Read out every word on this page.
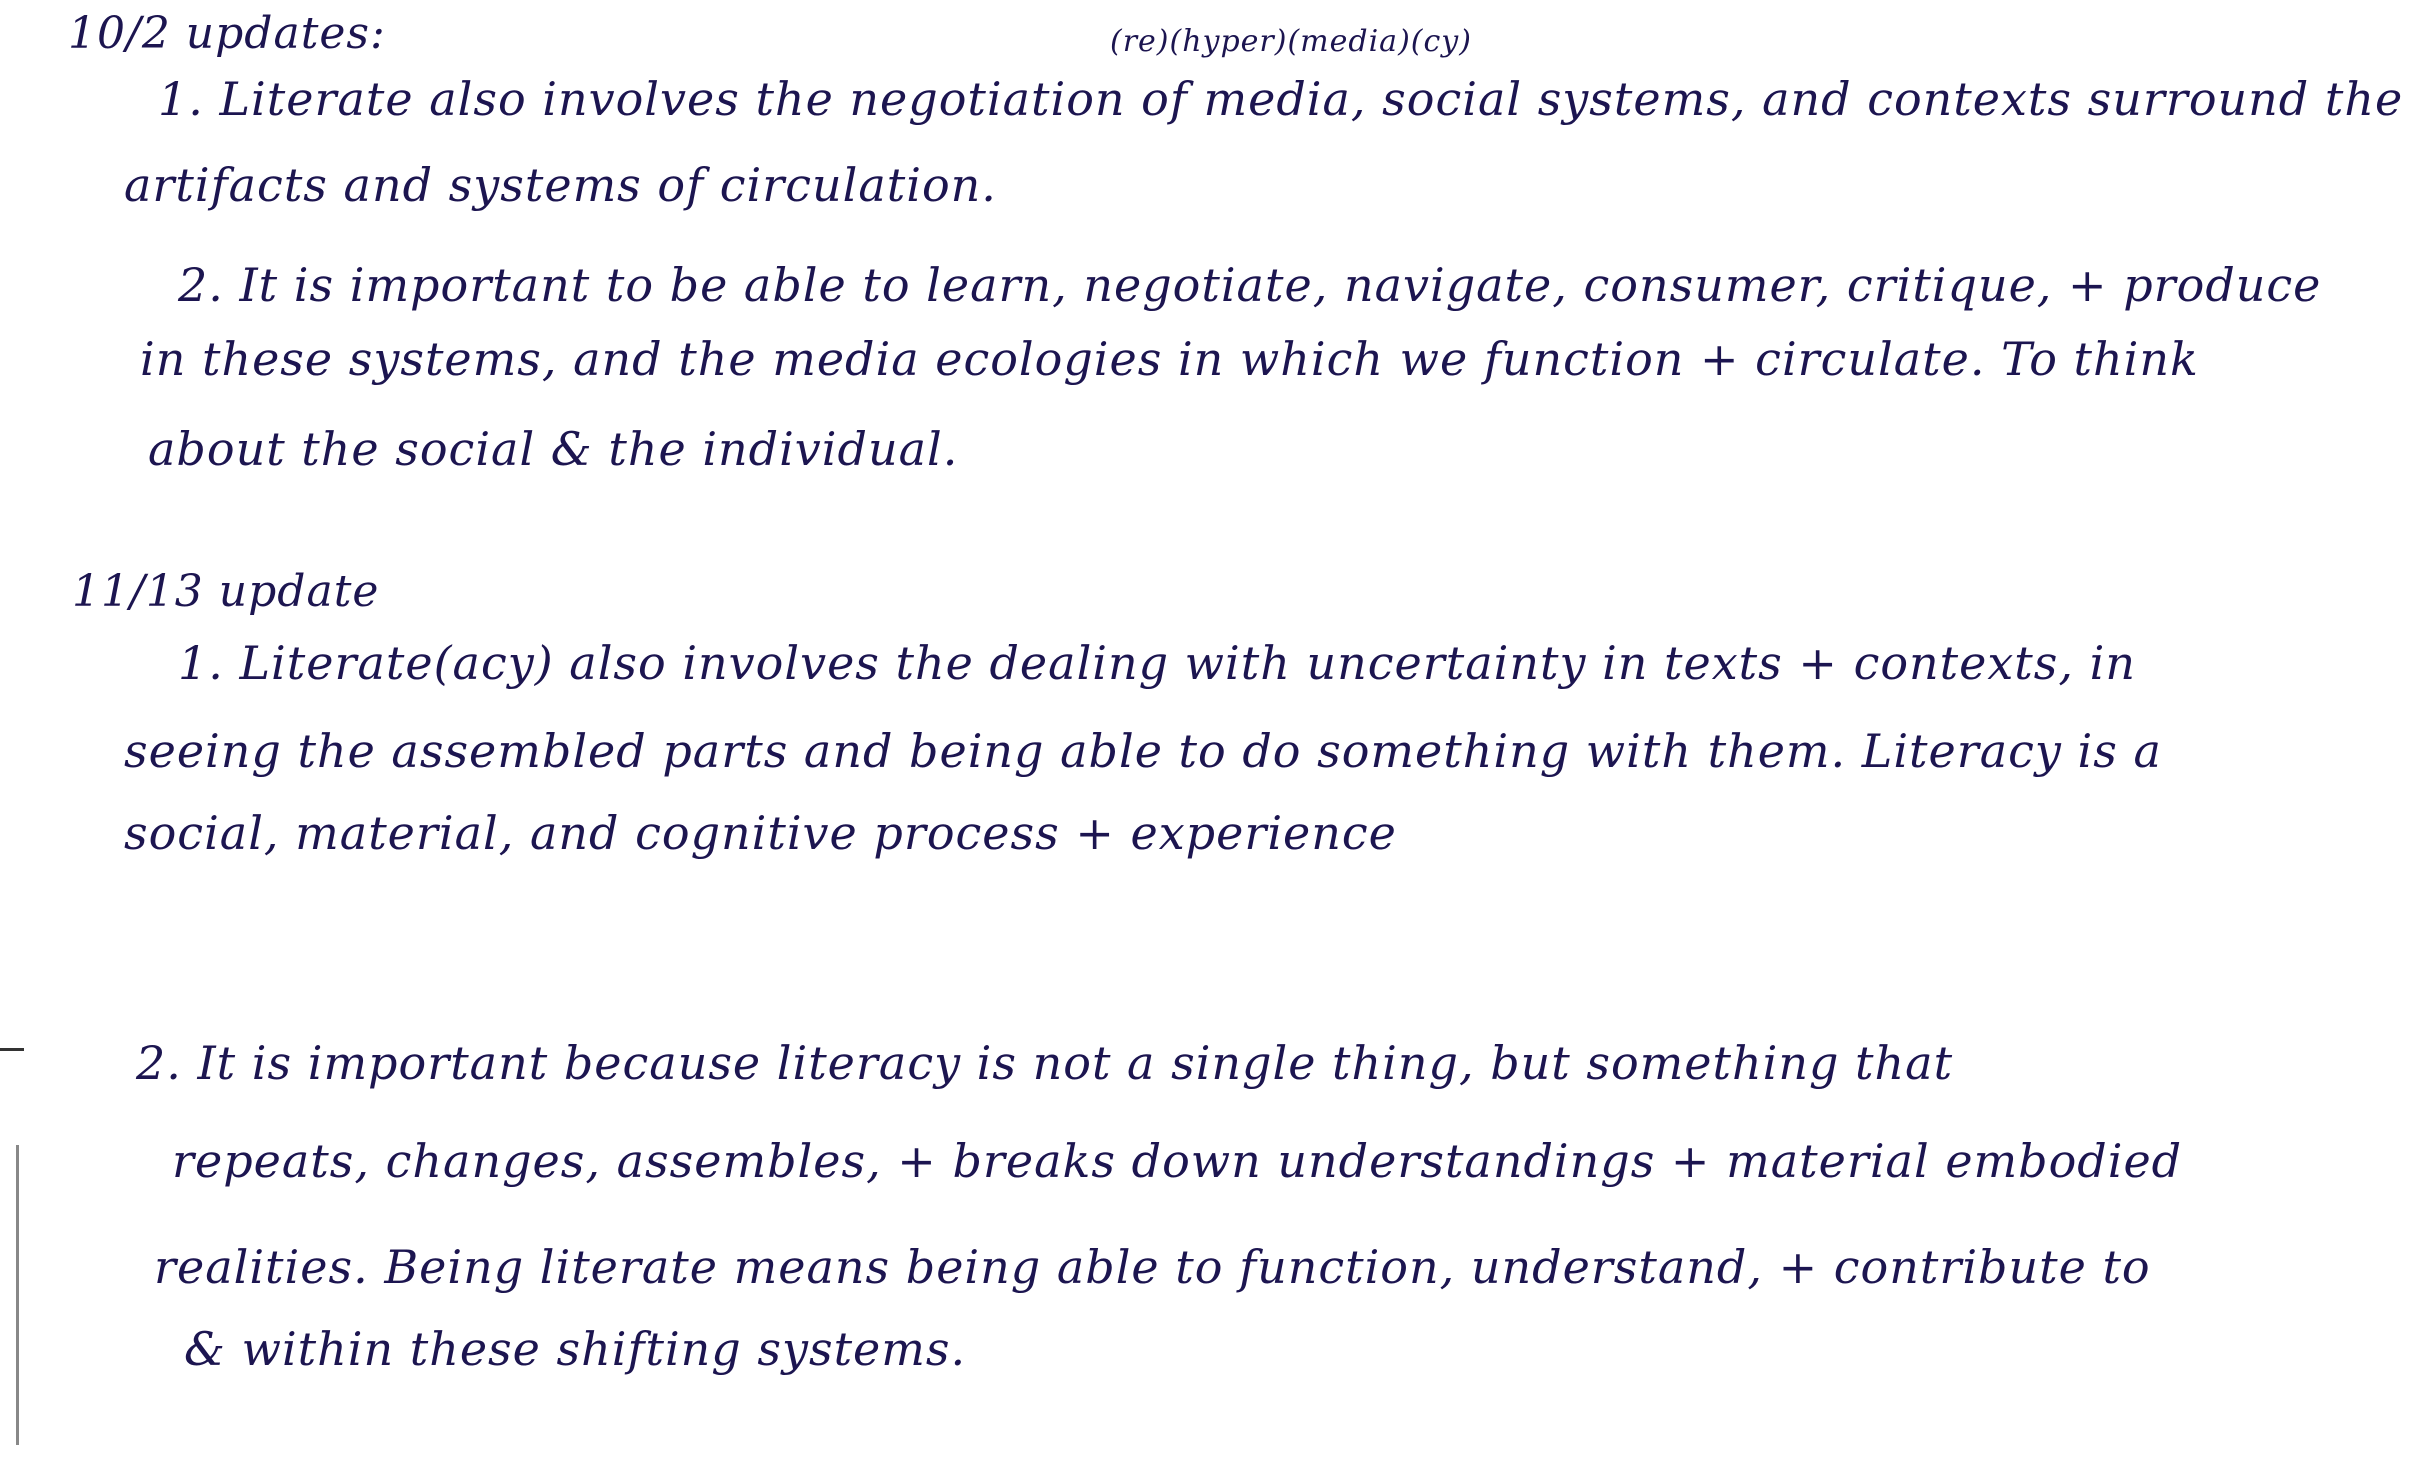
10/2 updates:	(re)(hyper)(media)(cy)
1. Literate also involves the negotiation of media, social systems, and contexts surround the
artifacts and systems of circulation.
2. It is important to be able to learn, negotiate, navigate, consumer, critique, + produce
in these systems, and the media ecologies in which we function + circulate. To think
about the social & the individual.
11/13 update
1. Literate(acy) also involves the dealing with uncertainty in texts + contexts, in
seeing the assembled parts and being able to do something with them. Literacy is a
social, material, and cognitive process + experience
2. It is important because literacy is not a single thing, but something that
repeats, changes, assembles, + breaks down understandings + material embodied
realities. Being literate means being able to function, understand, + contribute to
& within these shifting systems.
